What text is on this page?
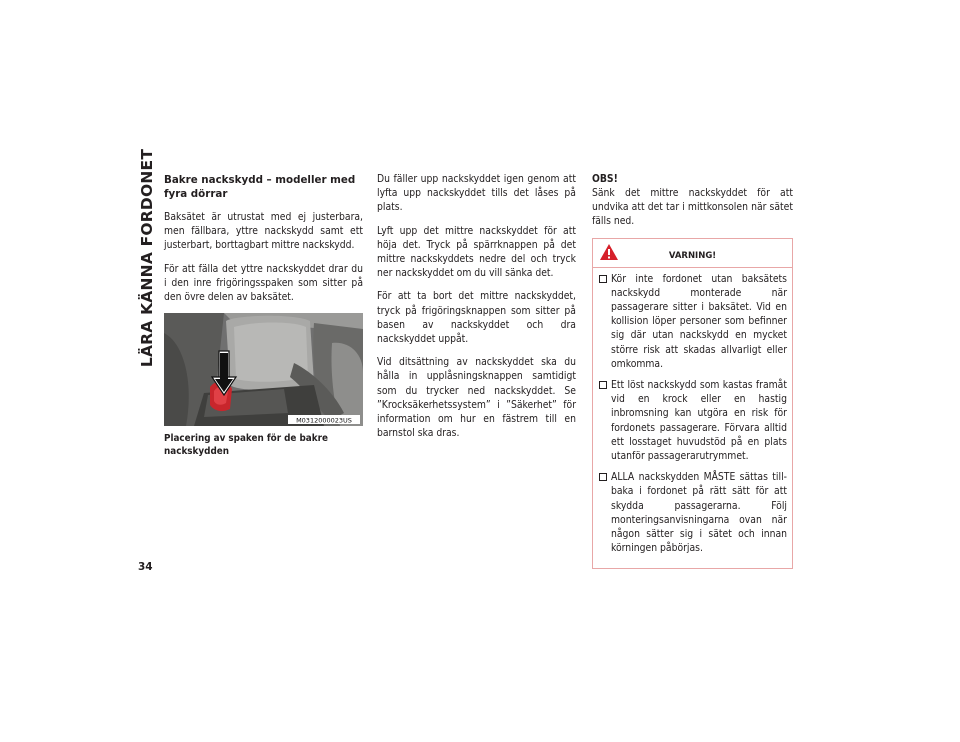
LÄRA KÄNNA FORDONET
34
Bakre nackskydd – modeller med fyra dörrar

Baksätet är utrustat med ej justerbara, men fällbara, yttre nackskydd samt ett justerbart, borttagbart mittre nackskydd.

För att fälla det yttre nackskyddet drar du i den inre frigöringsspaken som sitter på den övre delen av baksätet.

M0312000023US
Placering av spaken för de bakre nackskydden

Du fäller upp nackskyddet igen genom att lyfta upp nackskyddet tills det låses på plats.

Lyft upp det mittre nackskyddet för att höja det. Tryck på spärrknappen på det mittre nackskyddets nedre del och tryck ner nackskyddet om du vill sänka det.

För att ta bort det mittre nackskyddet, tryck på frigöringsknappen som sitter på basen av nackskyddet och dra nackskyddet uppåt.

Vid ditsättning av nackskyddet ska du hålla in upplåsningsknappen samtidigt som du trycker ned nackskyddet. Se ”Krocksäkerhetssystem” i ”Säkerhet” för information om hur en fästrem till en barnstol ska dras.

OBS!

Sänk det mittre nackskyddet för att undvika att det tar i mittkonsolen när sätet fälls ned.

VARNING!
Kör inte fordonet utan baksätets nackskydd monterade när passagerare sitter i baksätet. Vid en kollision löper personer som befinner sig där utan nackskydd en mycket större risk att skadas allvarligt eller omkomma.
Ett löst nackskydd som kastas framåt vid en krock eller en hastig inbromsning kan utgöra en risk för fordonets passagerare. Förvara alltid ett losstaget huvudstöd på en plats utanför passagerarutrymmet.
ALLA nackskydden MÅSTE sättas tillbaka i fordonet på rätt sätt för att skydda passagerarna. Följ monteringsanvisningarna ovan när någon sätter sig i sätet och innan körningen påbörjas.
